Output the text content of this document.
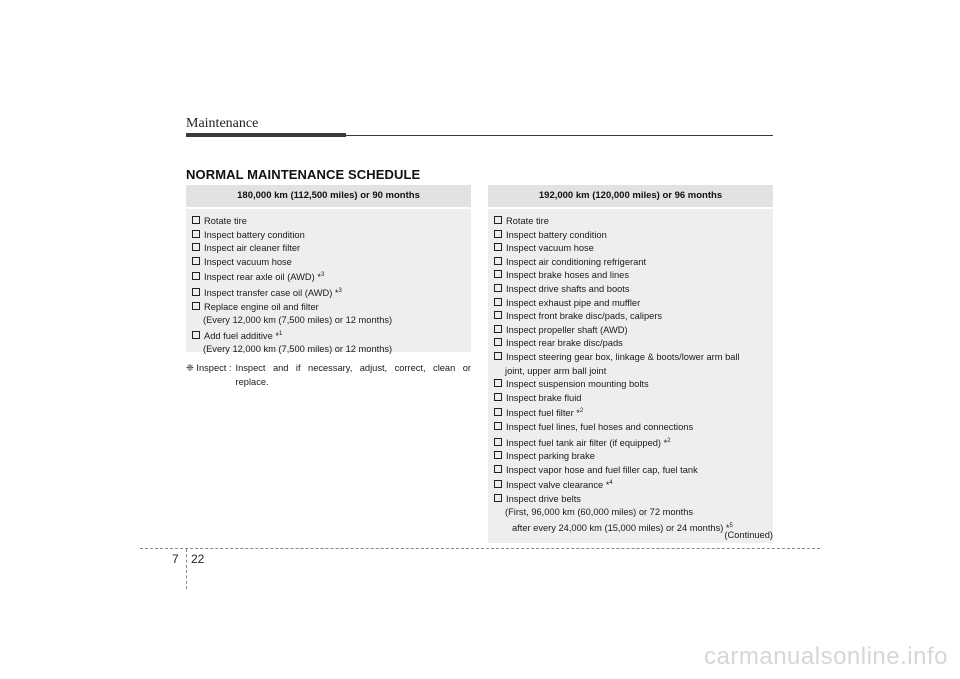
Maintenance
NORMAL MAINTENANCE SCHEDULE
180,000 km (112,500 miles) or 90 months
Rotate tire
Inspect battery condition
Inspect air cleaner filter
Inspect vacuum hose
Inspect rear axle oil (AWD) *$^3$
Inspect transfer case oil (AWD) *$^3$
Replace engine oil and filter
(Every 12,000 km (7,500 miles) or 12 months)
Add fuel additive *$^1$
(Every 12,000 km (7,500 miles) or 12 months)
❈ Inspect : Inspect and if necessary, adjust, correct, clean or replace.
192,000 km (120,000 miles) or 96 months
Rotate tire
Inspect battery condition
Inspect vacuum hose
Inspect air conditioning refrigerant
Inspect brake hoses and lines
Inspect drive shafts and boots
Inspect exhaust pipe and muffler
Inspect front brake disc/pads, calipers
Inspect propeller shaft (AWD)
Inspect rear brake disc/pads
Inspect steering gear box, linkage & boots/lower arm ball
joint, upper arm ball joint
Inspect suspension mounting bolts
Inspect brake fluid
Inspect fuel filter *$^2$
Inspect fuel lines, fuel hoses and connections
Inspect fuel tank air filter (if equipped) *$^2$
Inspect parking brake
Inspect vapor hose and fuel filler cap, fuel tank
Inspect valve clearance *$^4$
Inspect drive belts
(First, 96,000 km (60,000 miles) or 72 months
after every 24,000 km (15,000 miles) or 24 months) *$^5$
(Continued)
7 22
carmanualsonline.info
